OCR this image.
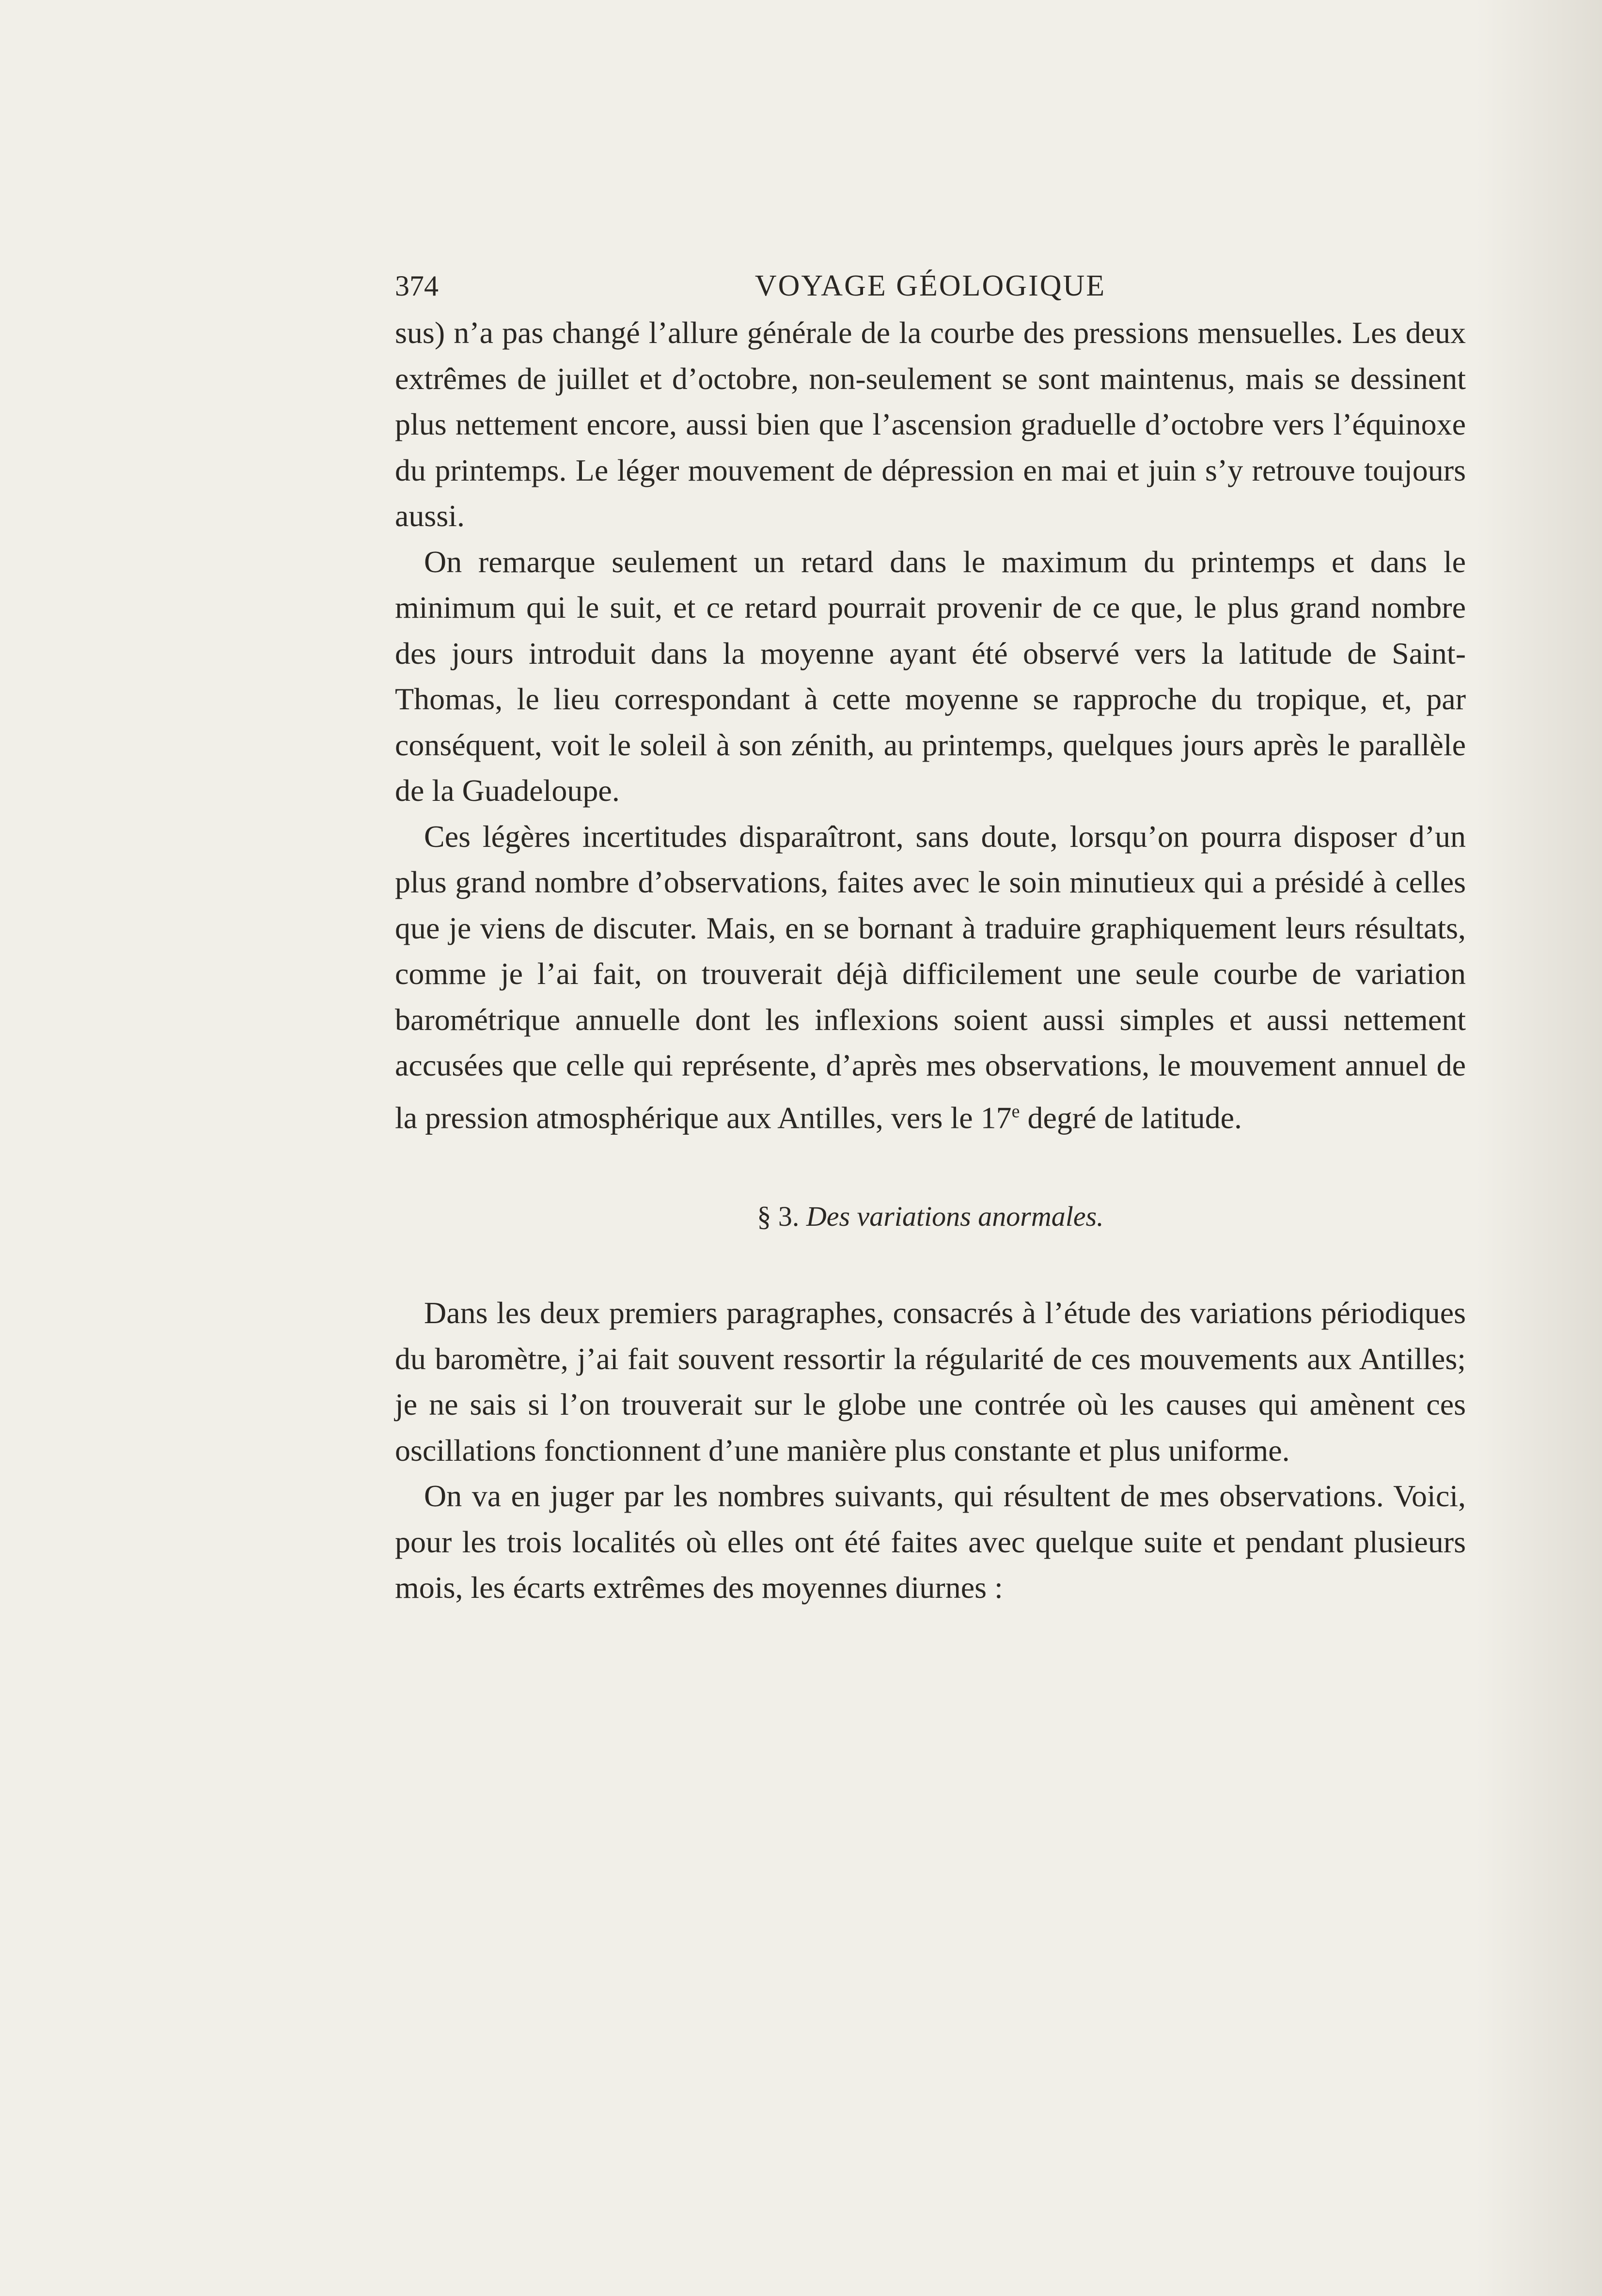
374	VOYAGE GÉOLOGIQUE

sus) n’a pas changé l’allure générale de la courbe des pressions mensuelles. Les deux extrêmes de juillet et d’octobre, non-seulement se sont maintenus, mais se dessinent plus nettement encore, aussi bien que l’ascension graduelle d’octobre vers l’équinoxe du printemps. Le léger mouvement de dépression en mai et juin s’y retrouve toujours aussi.

On remarque seulement un retard dans le maximum du printemps et dans le minimum qui le suit, et ce retard pourrait provenir de ce que, le plus grand nombre des jours introduit dans la moyenne ayant été observé vers la latitude de Saint-Thomas, le lieu correspondant à cette moyenne se rapproche du tropique, et, par conséquent, voit le soleil à son zénith, au printemps, quelques jours après le parallèle de la Guadeloupe.

Ces légères incertitudes disparaîtront, sans doute, lorsqu’on pourra disposer d’un plus grand nombre d’observations, faites avec le soin minutieux qui a présidé à celles que je viens de discuter. Mais, en se bornant à traduire graphiquement leurs résultats, comme je l’ai fait, on trouverait déjà difficilement une seule courbe de variation barométrique annuelle dont les inflexions soient aussi simples et aussi nettement accusées que celle qui représente, d’après mes observations, le mouvement annuel de la pression atmosphérique aux Antilles, vers le 17e degré de latitude.

§ 3. Des variations anormales.

Dans les deux premiers paragraphes, consacrés à l’étude des variations périodiques du baromètre, j’ai fait souvent ressortir la régularité de ces mouvements aux Antilles; je ne sais si l’on trouverait sur le globe une contrée où les causes qui amènent ces oscillations fonctionnent d’une manière plus constante et plus uniforme.

On va en juger par les nombres suivants, qui résultent de mes observations. Voici, pour les trois localités où elles ont été faites avec quelque suite et pendant plusieurs mois, les écarts extrêmes des moyennes diurnes :
